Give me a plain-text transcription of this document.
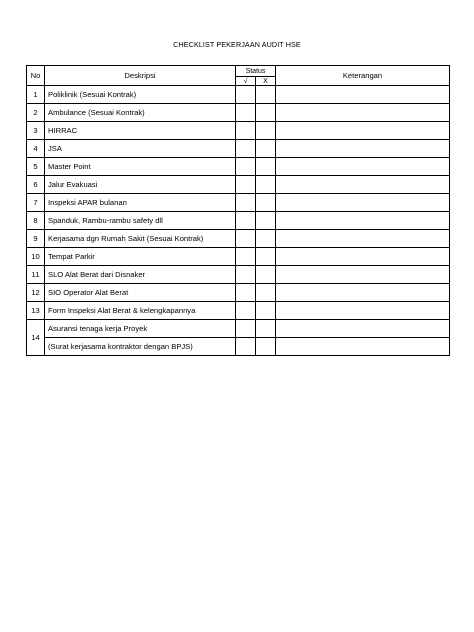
CHECKLIST PEKERJAAN AUDIT HSE
No	Deskripsi	Status		Keterangan
		√	X	
1	Poliklinik (Sesuai Kontrak)			
2	Ambulance (Sesuai Kontrak)			
3	HIRRAC			
4	JSA			
5	Master Point			
6	Jalur Evakuasi			
7	Inspeksi APAR bulanan			
8	Spanduk, Rambu-rambu safety dll			
9	Kerjasama dgn Rumah Sakit (Sesuai Kontrak)			
10	Tempat Parkir			
11	SLO Alat Berat dari Disnaker			
12	SIO Operator Alat Berat			
13	Form Inspeksi Alat Berat & kelengkapannya			
14	Asuransi tenaga kerja Proyek			
	(Surat kerjasama kontraktor dengan BPJS)			
